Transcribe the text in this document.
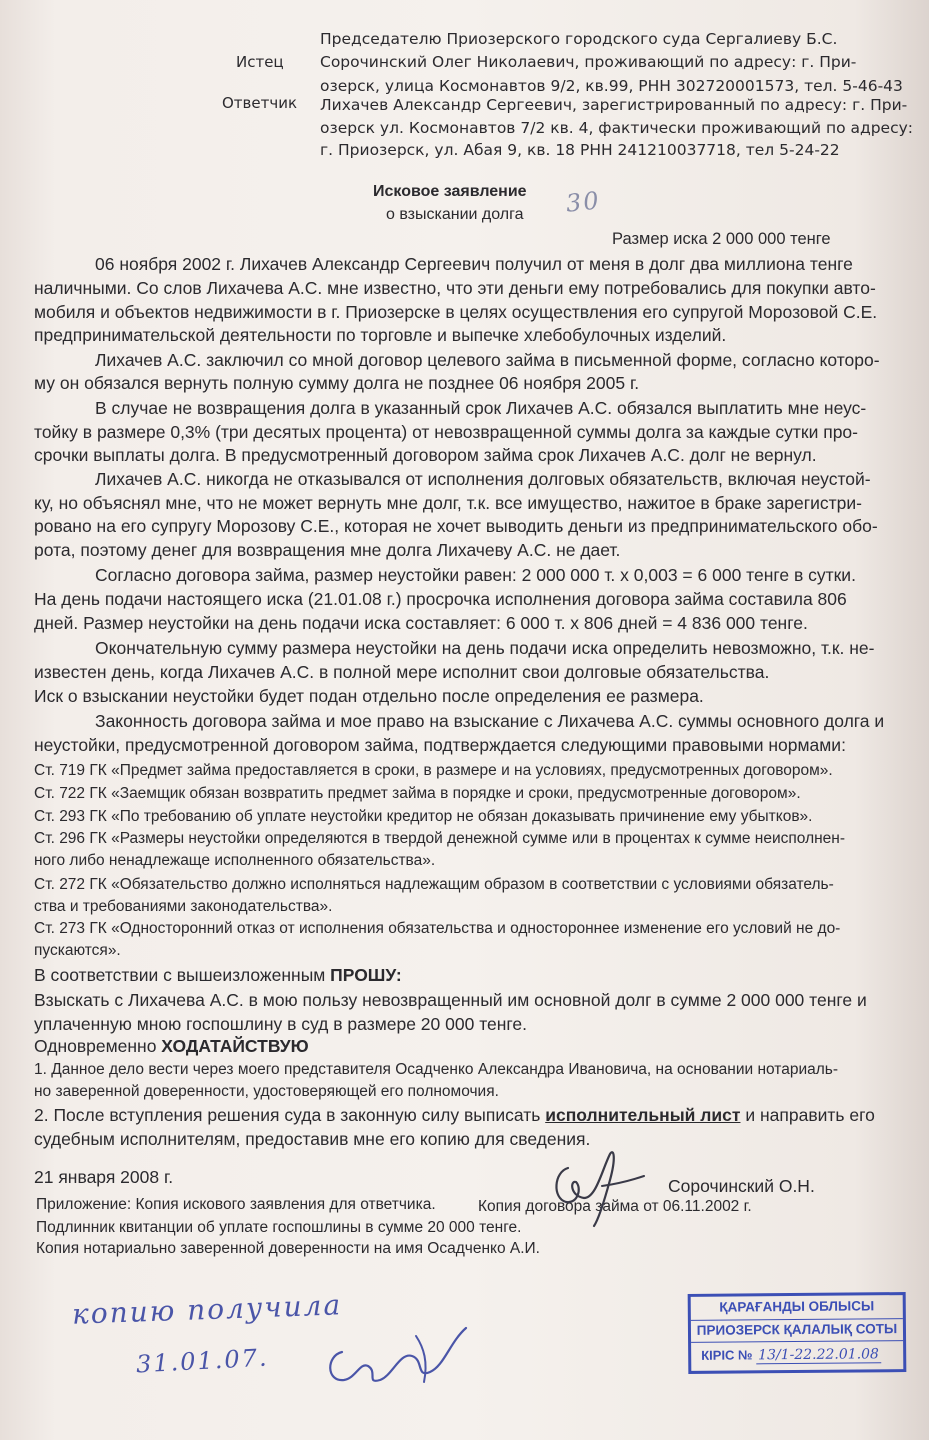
Председателю Приозерского городского суда Сергалиеву Б.С.
Истец Сорочинский Олег Николаевич, проживающий по адресу: г. При-
озерск, улица Космонавтов 9/2, кв.99, РНН 302720001573, тел. 5-46-43
Ответчик Лихачев Александр Сергеевич, зарегистрированный по адресу: г. При-
озерск ул. Космонавтов 7/2 кв. 4, фактически проживающий по адресу:
г. Приозерск, ул. Абая 9, кв. 18 РНН 241210037718, тел 5-24-22
Исковое заявление
о взыскании долга 30
Размер иска 2 000 000 тенге
06 ноября 2002 г. Лихачев Александр Сергеевич получил от меня в долг два миллиона тенге
наличными. Со слов Лихачева А.С. мне известно, что эти деньги ему потребовались для покупки авто-
мобиля и объектов недвижимости в г. Приозерске в целях осуществления его супругой Морозовой С.Е.
предпринимательской деятельности по торговле и выпечке хлебобулочных изделий.
Лихачев А.С. заключил со мной договор целевого займа в письменной форме, согласно которо-
му он обязался вернуть полную сумму долга не позднее 06 ноября 2005 г.
В случае не возвращения долга в указанный срок Лихачев А.С. обязался выплатить мне неус-
тойку в размере 0,3% (три десятых процента) от невозвращенной суммы долга за каждые сутки про-
срочки выплаты долга. В предусмотренный договором займа срок Лихачев А.С. долг не вернул.
Лихачев А.С. никогда не отказывался от исполнения долговых обязательств, включая неустой-
ку, но объяснял мне, что не может вернуть мне долг, т.к. все имущество, нажитое в браке зарегистри-
ровано на его супругу Морозову С.Е., которая не хочет выводить деньги из предпринимательского обо-
рота, поэтому денег для возвращения мне долга Лихачеву А.С. не дает.
Согласно договора займа, размер неустойки равен: 2 000 000 т. х 0,003 = 6 000 тенге в сутки.
На день подачи настоящего иска (21.01.08 г.) просрочка исполнения договора займа составила 806
дней. Размер неустойки на день подачи иска составляет: 6 000 т. х 806 дней = 4 836 000 тенге.
Окончательную сумму размера неустойки на день подачи иска определить невозможно, т.к. не-
известен день, когда Лихачев А.С. в полной мере исполнит свои долговые обязательства.
Иск о взыскании неустойки будет подан отдельно после определения ее размера.
Законность договора займа и мое право на взыскание с Лихачева А.С. суммы основного долга и
неустойки, предусмотренной договором займа, подтверждается следующими правовыми нормами:
Ст. 719 ГК «Предмет займа предоставляется в сроки, в размере и на условиях, предусмотренных договором».
Ст. 722 ГК «Заемщик обязан возвратить предмет займа в порядке и сроки, предусмотренные договором».
Ст. 293 ГК «По требованию об уплате неустойки кредитор не обязан доказывать причинение ему убытков».
Ст. 296 ГК «Размеры неустойки определяются в твердой денежной сумме или в процентах к сумме неисполнен-
ного либо ненадлежаще исполненного обязательства».
Ст. 272 ГК «Обязательство должно исполняться надлежащим образом в соответствии с условиями обязатель-
ства и требованиями законодательства».
Ст. 273 ГК «Односторонний отказ от исполнения обязательства и одностороннее изменение его условий не до-
пускаются».
В соответствии с вышеизложенным ПРОШУ:
Взыскать с Лихачева А.С. в мою пользу невозвращенный им основной долг в сумме 2 000 000 тенге и
уплаченную мною госпошлину в суд в размере 20 000 тенге.
Одновременно ХОДАТАЙСТВУЮ
1. Данное дело вести через моего представителя Осадченко Александра Ивановича, на основании нотариаль-
но заверенной доверенности, удостоверяющей его полномочия.
2. После вступления решения суда в законную силу выписать исполнительный лист и направить его
судебным исполнителям, предоставив мне его копию для сведения.
21 января 2008 г.	Сорочинский О.Н.
Приложение: Копия искового заявления для ответчика.	Копия договора займа от 06.11.2002 г.
Подлинник квитанции об уплате госпошлины в сумме 20 000 тенге.
Копия нотариально заверенной доверенности на имя Осадченко А.И.
копию получила
31.01.07.
ҚАРАҒАНДЫ ОБЛЫСЫ
ПРИОЗЕРСК ҚАЛАЛЫҚ СОТЫ
КІРІС № 13/1-22.22.01.08
